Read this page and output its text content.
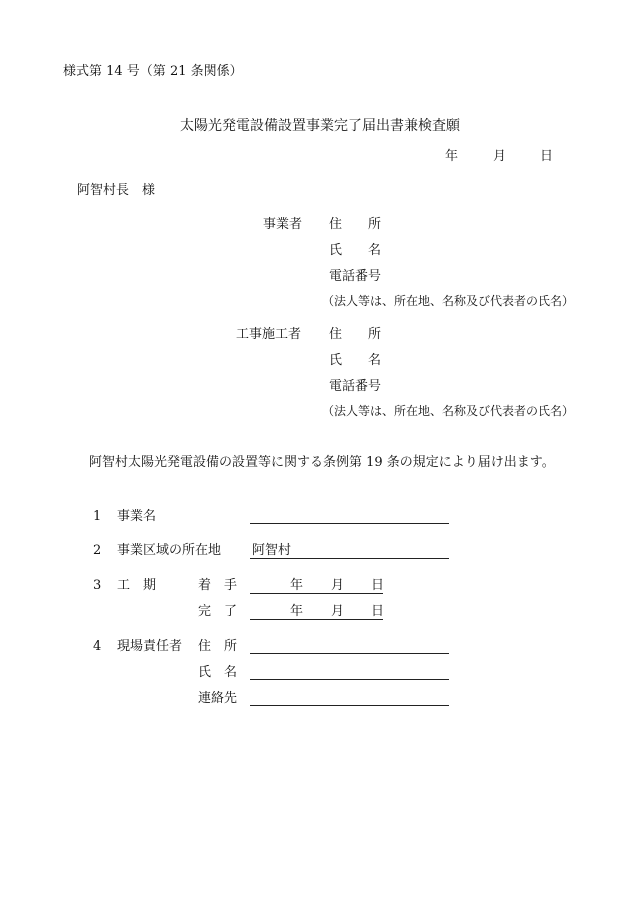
様式第 14 号（第 21 条関係）
太陽光発電設備設置事業完了届出書兼検査願
年	月	日
阿智村長　様
事業者 住　　所
氏　　名
電話番号
（法人等は、所在地、名称及び代表者の氏名）
工事施工者 住　　所
氏　　名
電話番号
（法人等は、所在地、名称及び代表者の氏名）
阿智村太陽光発電設備の設置等に関する条例第 19 条の規定により届け出ます。
1 事業名
2 事業区域の所在地 阿智村
3 工　期	着　手	年 月 日
完　了	年 月 日
4 現場責任者 住　所
氏　名
連絡先
